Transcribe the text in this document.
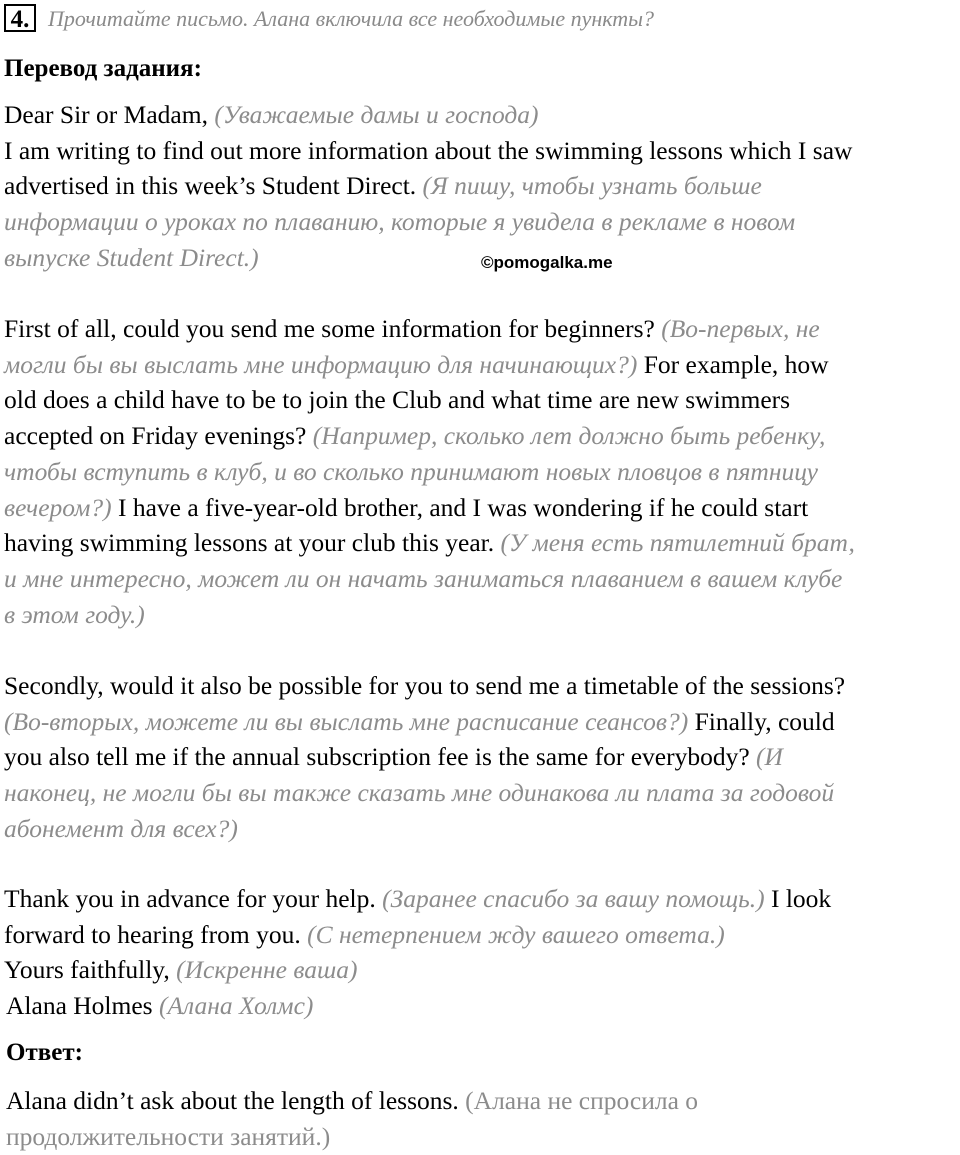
4. Прочитайте письмо. Алана включила все необходимые пункты?
Перевод задания:
Dear Sir or Madam, (Уважаемые дамы и господа)
I am writing to find out more information about the swimming lessons which I saw
advertised in this week’s Student Direct. (Я пишу, чтобы узнать больше
информации о уроках по плаванию, которые я увидела в рекламе в новом
выпуске Student Direct.)	©pomogalka.me
First of all, could you send me some information for beginners? (Во-первых, не
могли бы вы выслать мне информацию для начинающих?) For example, how
old does a child have to be to join the Club and what time are new swimmers
accepted on Friday evenings? (Например, сколько лет должно быть ребенку,
чтобы вступить в клуб, и во сколько принимают новых пловцов в пятницу
вечером?) I have a five-year-old brother, and I was wondering if he could start
having swimming lessons at your club this year. (У меня есть пятилетний брат,
и мне интересно, может ли он начать заниматься плаванием в вашем клубе
в этом году.)
Secondly, would it also be possible for you to send me a timetable of the sessions?
(Во-вторых, можете ли вы выслать мне расписание сеансов?) Finally, could
you also tell me if the annual subscription fee is the same for everybody? (И
наконец, не могли бы вы также сказать мне одинакова ли плата за годовой
абонемент для всех?)
Thank you in advance for your help. (Заранее спасибо за вашу помощь.) I look
forward to hearing from you. (С нетерпением жду вашего ответа.)
Yours faithfully, (Искренне ваша)
Alana Holmes (Алана Холмс)
Ответ:
Alana didn’t ask about the length of lessons. (Алана не спросила о
продолжительности занятий.)
